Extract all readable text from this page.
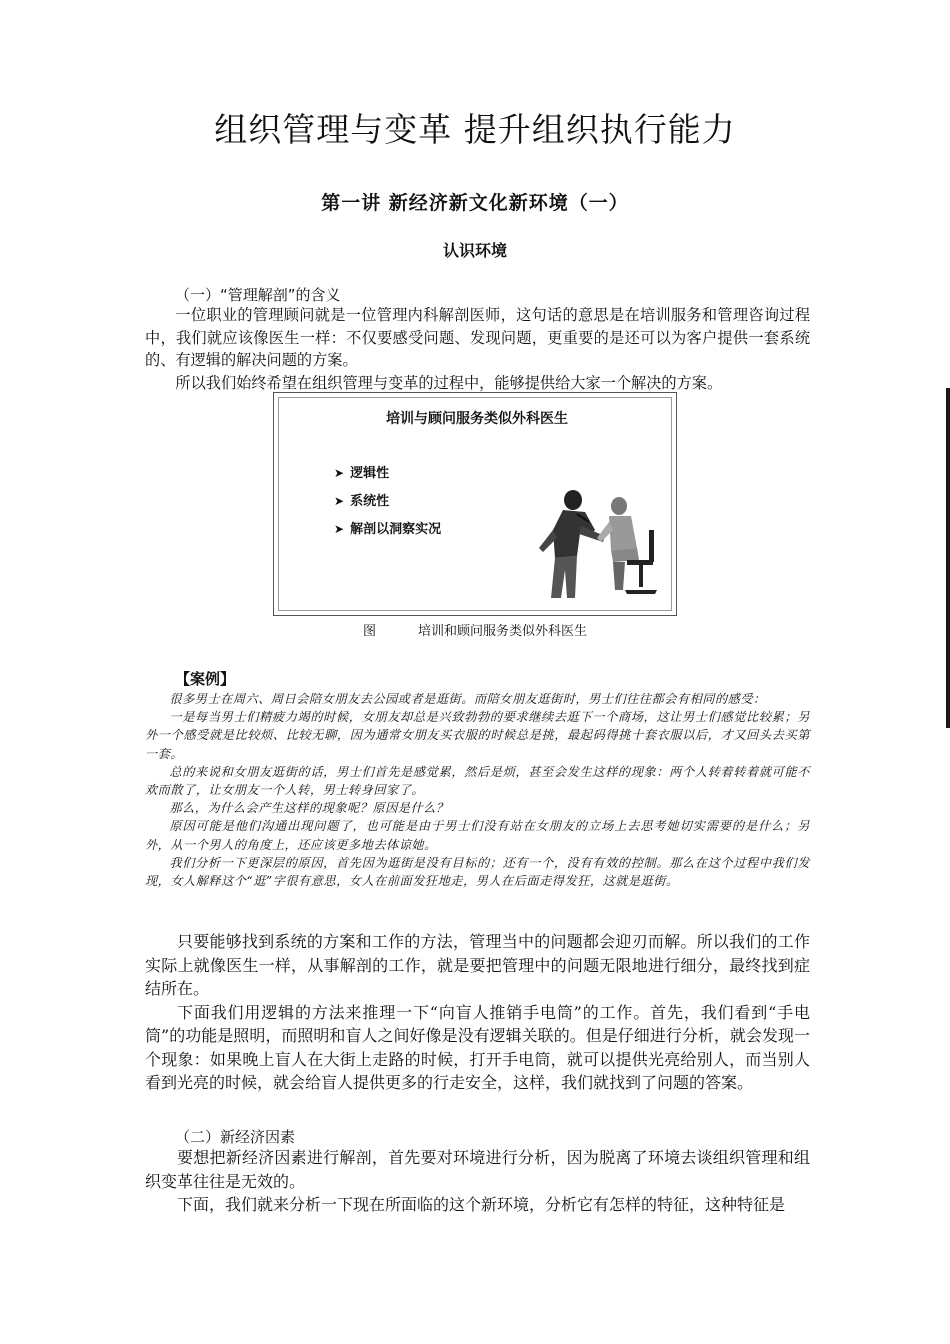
组织管理与变革 提升组织执行能力
第一讲 新经济新文化新环境（一）
认识环境
（一）“管理解剖”的含义

一位职业的管理顾问就是一位管理内科解剖医师，这句话的意思是在培训服务和管理咨询过程中，我们就应该像医生一样：不仅要感受问题、发现问题，更重要的是还可以为客户提供一套系统的、有逻辑的解决问题的方案。

所以我们始终希望在组织管理与变革的过程中，能够提供给大家一个解决的方案。

培训与顾问服务类似外科医生
➤ 逻辑性
➤ 系统性
➤ 解剖以洞察实况
图	培训和顾问服务类似外科医生
【案例】

很多男士在周六、周日会陪女朋友去公园或者是逛街。而陪女朋友逛街时，男士们往往都会有相同的感受：

一是每当男士们精疲力竭的时候，女朋友却总是兴致勃勃的要求继续去逛下一个商场，这让男士们感觉比较累；另外一个感受就是比较烦、比较无聊，因为通常女朋友买衣服的时候总是挑，最起码得挑十套衣服以后，才又回头去买第一套。

总的来说和女朋友逛街的话，男士们首先是感觉累，然后是烦，甚至会发生这样的现象：两个人转着转着就可能不欢而散了，让女朋友一个人转，男士转身回家了。

那么，为什么会产生这样的现象呢？原因是什么？

原因可能是他们沟通出现问题了，也可能是由于男士们没有站在女朋友的立场上去思考她切实需要的是什么；另外，从一个男人的角度上，还应该更多地去体谅她。

我们分析一下更深层的原因，首先因为逛街是没有目标的；还有一个，没有有效的控制。那么在这个过程中我们发现，女人解释这个“逛”字很有意思，女人在前面发狂地走，男人在后面走得发狂，这就是逛街。

只要能够找到系统的方案和工作的方法，管理当中的问题都会迎刃而解。所以我们的工作实际上就像医生一样，从事解剖的工作，就是要把管理中的问题无限地进行细分，最终找到症结所在。

下面我们用逻辑的方法来推理一下“向盲人推销手电筒”的工作。首先，我们看到“手电筒”的功能是照明，而照明和盲人之间好像是没有逻辑关联的。但是仔细进行分析，就会发现一个现象：如果晚上盲人在大街上走路的时候，打开手电筒，就可以提供光亮给别人，而当别人看到光亮的时候，就会给盲人提供更多的行走安全，这样，我们就找到了问题的答案。

（二）新经济因素

要想把新经济因素进行解剖，首先要对环境进行分析，因为脱离了环境去谈组织管理和组织变革往往是无效的。

下面，我们就来分析一下现在所面临的这个新环境，分析它有怎样的特征，这种特征是
